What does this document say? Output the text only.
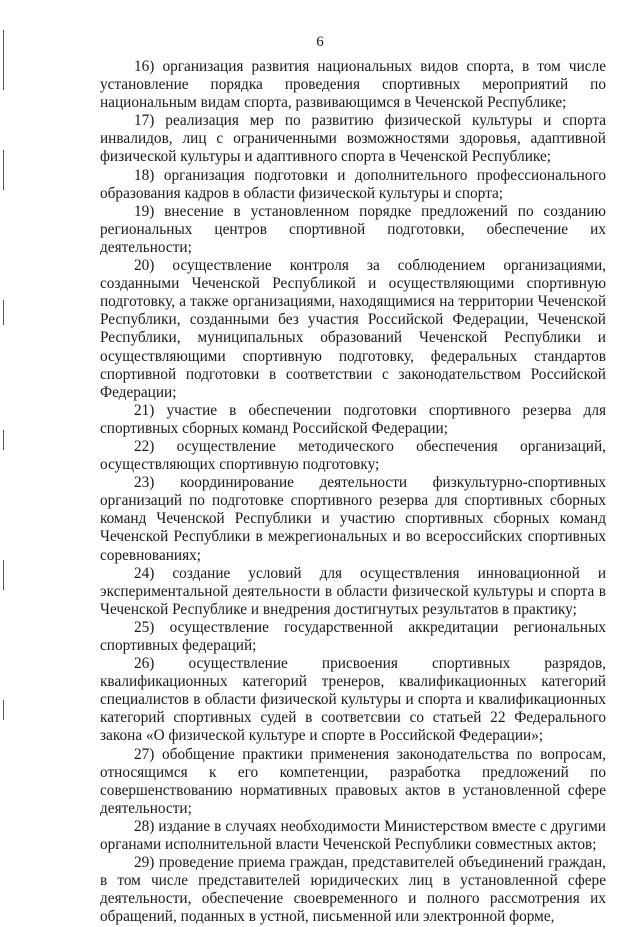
6

16) организация развития национальных видов спорта, в том числе установление порядка проведения спортивных мероприятий по национальным видам спорта, развивающимся в Чеченской Республике;

17) реализация мер по развитию физической культуры и спорта инвалидов, лиц с ограниченными возможностями здоровья, адаптивной физической культуры и адаптивного спорта в Чеченской Республике;

18) организация подготовки и дополнительного профессионального образования кадров в области физической культуры и спорта;

19) внесение в установленном порядке предложений по созданию региональных центров спортивной подготовки, обеспечение их деятельности;

20) осуществление контроля за соблюдением организациями, созданными Чеченской Республикой и осуществляющими спортивную подготовку, а также организациями, находящимися на территории Чеченской Республики, созданными без участия Российской Федерации, Чеченской Республики, муниципальных образований Чеченской Республики и осуществляющими спортивную подготовку, федеральных стандартов спортивной подготовки в соответствии с законодательством Российской Федерации;

21) участие в обеспечении подготовки спортивного резерва для спортивных сборных команд Российской Федерации;

22) осуществление методического обеспечения организаций, осуществляющих спортивную подготовку;

23) координирование деятельности физкультурно-спортивных организаций по подготовке спортивного резерва для спортивных сборных команд Чеченской Республики и участию спортивных сборных команд Чеченской Республики в межрегиональных и во всероссийских спортивных соревнованиях;

24) создание условий для осуществления инновационной и экспериментальной деятельности в области физической культуры и спорта в Чеченской Республике и внедрения достигнутых результатов в практику;

25) осуществление государственной аккредитации региональных спортивных федераций;

26) осуществление присвоения спортивных разрядов, квалификационных категорий тренеров, квалификационных категорий специалистов в области физической культуры и спорта и квалификационных категорий спортивных судей в соответсвии со статьей 22 Федерального закона «О физической культуре и спорте в Российской Федерации»;

27) обобщение практики применения законодательства по вопросам, относящимся к его компетенции, разработка предложений по совершенствованию нормативных правовых актов в установленной сфере деятельности;

28) издание в случаях необходимости Министерством вместе с другими органами исполнительной власти Чеченской Республики совместных актов;

29) проведение приема граждан, представителей объединений граждан, в том числе представителей юридических лиц в установленной сфере деятельности, обеспечение своевременного и полного рассмотрения их обращений, поданных в устной, письменной или электронной форме,
